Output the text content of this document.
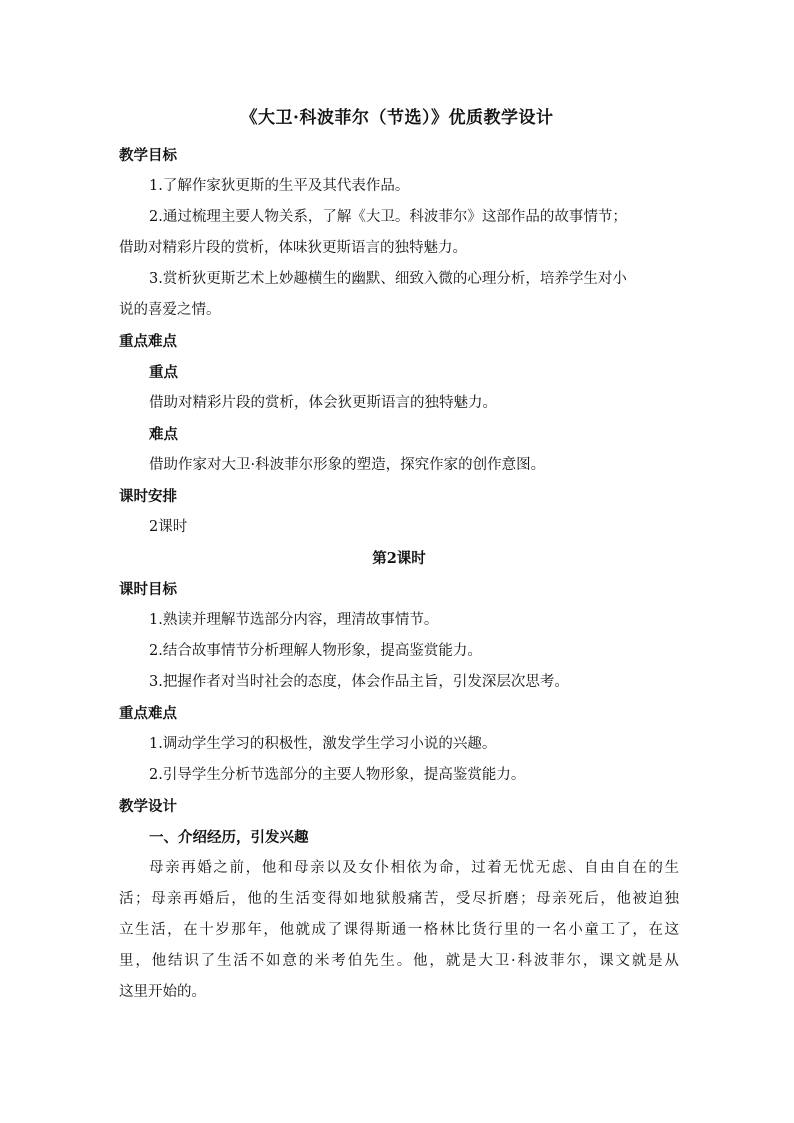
《大卫·科波菲尔（节选）》优质教学设计
教学目标
1.了解作家狄更斯的生平及其代表作品。
2.通过梳理主要人物关系，了解《大卫。科波菲尔》这部作品的故事情节；
借助对精彩片段的赏析，体味狄更斯语言的独特魅力。
3.赏析狄更斯艺术上妙趣横生的幽默、细致入微的心理分析，培养学生对小
说的喜爱之情。
重点难点
重点
借助对精彩片段的赏析，体会狄更斯语言的独特魅力。
难点
借助作家对大卫·科波菲尔形象的塑造，探究作家的创作意图。
课时安排
2课时
第2课时
课时目标
1.熟读并理解节选部分内容，理清故事情节。
2.结合故事情节分析理解人物形象，提高鉴赏能力。
3.把握作者对当时社会的态度，体会作品主旨，引发深层次思考。
重点难点
1.调动学生学习的积极性，激发学生学习小说的兴趣。
2.引导学生分析节选部分的主要人物形象，提高鉴赏能力。
教学设计
一、介绍经历，引发兴趣
母亲再婚之前，他和母亲以及女仆相依为命，过着无忧无虑、自由自在的生
活；母亲再婚后，他的生活变得如地狱般痛苦，受尽折磨；母亲死后，他被迫独
立生活，在十岁那年，他就成了课得斯通一格林比货行里的一名小童工了，在这
里，他结识了生活不如意的米考伯先生。他，就是大卫·科波菲尔，课文就是从
这里开始的。
